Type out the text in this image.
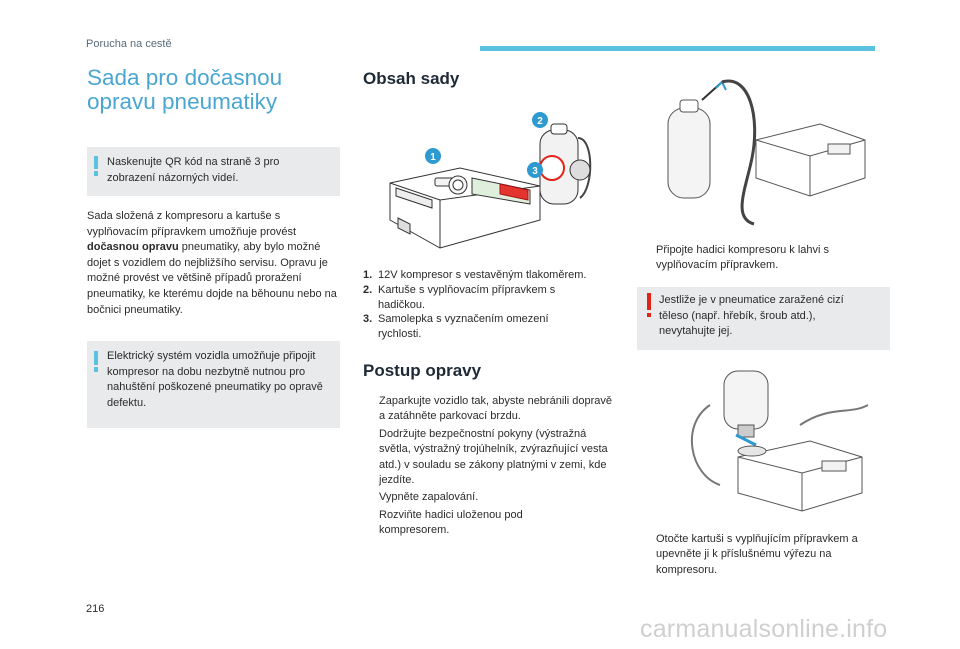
Porucha na cestě
Sada pro dočasnou
opravu pneumatiky
Naskenujte QR kód na straně 3 pro zobrazení názorných videí.
Sada složená z kompresoru a kartuše s vyplňovacím přípravkem umožňuje provést dočasnou opravu pneumatiky, aby bylo možné dojet s vozidlem do nejbližšího servisu. Opravu je možné provést ve většině případů proražení pneumatiky, ke kterému dojde na běhounu nebo na bočnici pneumatiky.
Elektrický systém vozidla umožňuje připojit kompresor na dobu nezbytně nutnou pro nahuštění poškozené pneumatiky po opravě defektu.
Obsah sady
1
2
3
1. 12V kompresor s vestavěným tlakoměrem.
2. Kartuše s vyplňovacím přípravkem s hadičkou.
3. Samolepka s vyznačením omezení rychlosti.
Postup opravy
Zaparkujte vozidlo tak, abyste nebránili dopravě a zatáhněte parkovací brzdu.
Dodržujte bezpečnostní pokyny (výstražná světla, výstražný trojúhelník, zvýrazňující vesta atd.) v souladu se zákony platnými v zemi, kde jezdíte.
Vypněte zapalování.
Rozviňte hadici uloženou pod kompresorem.
Připojte hadici kompresoru k lahvi s vyplňovacím přípravkem.
Jestliže je v pneumatice zaražené cizí těleso (např. hřebík, šroub atd.), nevytahujte jej.
Otočte kartuši s vyplňujícím přípravkem a upevněte ji k příslušnému výřezu na kompresoru.
216
carmanualsonline.info
